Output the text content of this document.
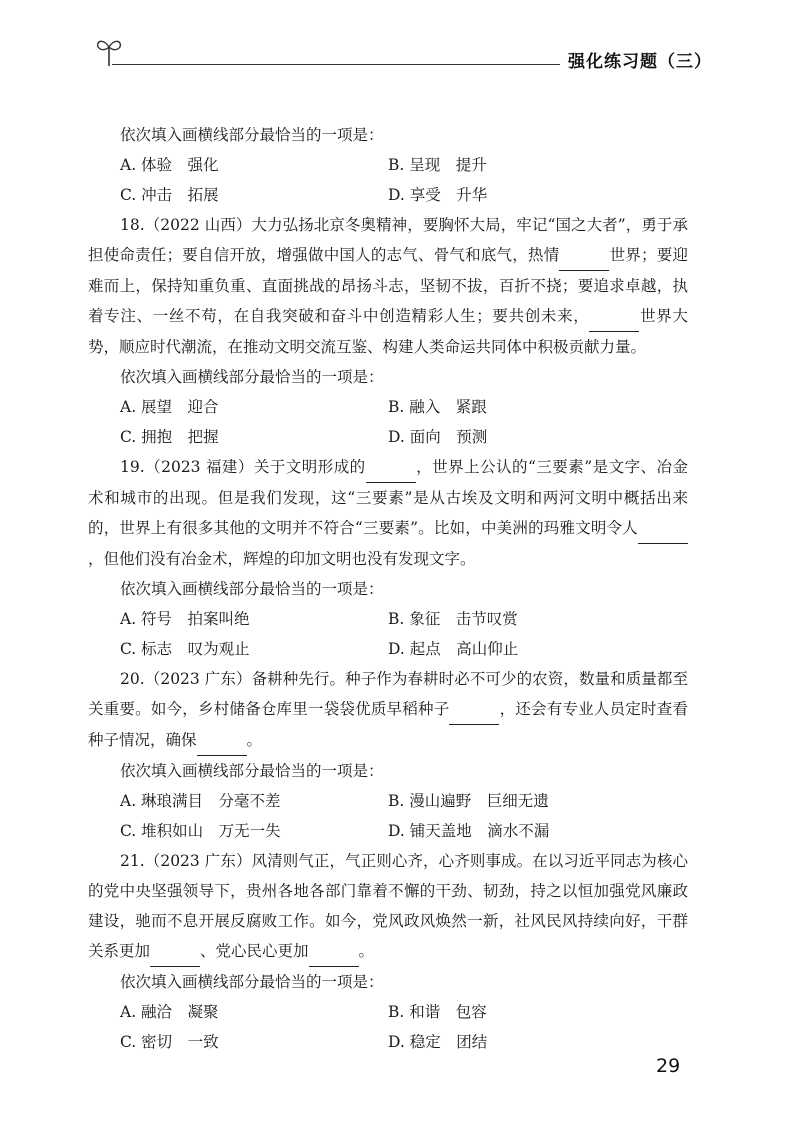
强化练习题（三）
依次填入画横线部分最恰当的一项是：
A. 体验　强化	B. 呈现　提升
C. 冲击　拓展	D. 享受　升华

18.（2022 山西）大力弘扬北京冬奥精神，要胸怀大局，牢记“国之大者”，勇于承担使命责任；要自信开放，增强做中国人的志气、骨气和底气，热情	世界；要迎难而上，保持知重负重、直面挑战的昂扬斗志，坚韧不拔，百折不挠；要追求卓越，执着专注、一丝不苟，在自我突破和奋斗中创造精彩人生；要共创未来，	世界大势，顺应时代潮流，在推动文明交流互鉴、构建人类命运共同体中积极贡献力量。

依次填入画横线部分最恰当的一项是：
A. 展望　迎合	B. 融入　紧跟
C. 拥抱　把握	D. 面向　预测

19.（2023 福建）关于文明形成的	，世界上公认的“三要素”是文字、冶金术和城市的出现。但是我们发现，这“三要素”是从古埃及文明和两河文明中概括出来的，世界上有很多其他的文明并不符合“三要素”。比如，中美洲的玛雅文明令人 ，但他们没有冶金术，辉煌的印加文明也没有发现文字。

依次填入画横线部分最恰当的一项是：
A. 符号　拍案叫绝	B. 象征　击节叹赏
C. 标志　叹为观止	D. 起点　高山仰止

20.（2023 广东）备耕种先行。种子作为春耕时必不可少的农资，数量和质量都至关重要。如今，乡村储备仓库里一袋袋优质早稻种子	，还会有专业人员定时查看种子情况，确保	。

依次填入画横线部分最恰当的一项是：
A. 琳琅满目　分毫不差	B. 漫山遍野　巨细无遗
C. 堆积如山　万无一失	D. 铺天盖地　滴水不漏

21.（2023 广东）风清则气正，气正则心齐，心齐则事成。在以习近平同志为核心的党中央坚强领导下，贵州各地各部门靠着不懈的干劲、韧劲，持之以恒加强党风廉政建设，驰而不息开展反腐败工作。如今，党风政风焕然一新，社风民风持续向好，干群关系更加	、党心民心更加	。

依次填入画横线部分最恰当的一项是：
A. 融洽　凝聚	B. 和谐　包容
C. 密切　一致	D. 稳定　团结
29
